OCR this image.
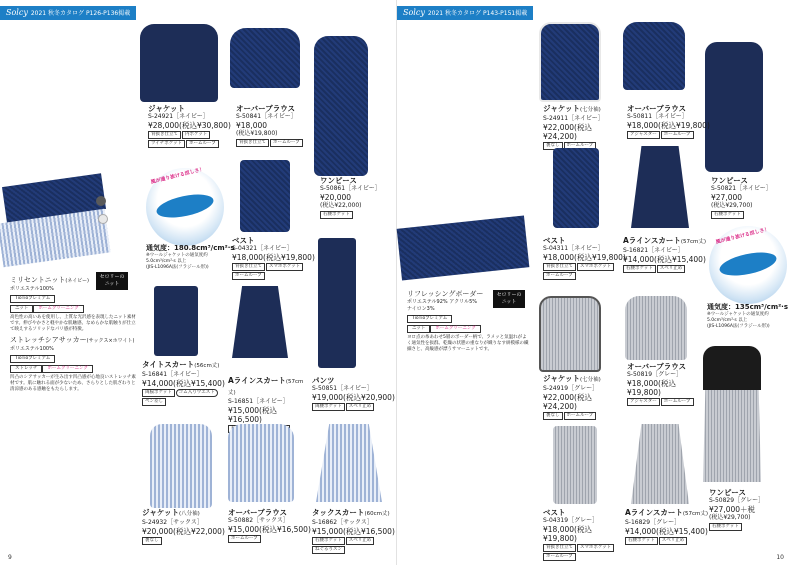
Solcy 2021 秋冬カタログ P126-P136掲載
ジャケット
S-24921［ネイビー］
¥28,000(税込¥30,800)
背抜き仕立て	内ポケット
ツイチポケット	ホームループ
オーバーブラウス
S-50841［ネイビー］
¥18,000
(税込¥19,800)
背抜き仕立て	ホームループ
ワンピース
S-50861［ネイビー］
¥20,000
(税込¥22,000)
右腰ポケット
風が通り抜ける涼しさ！
通気度：180.8cm³/cm²·s
※ウールジャケットの通気度約
5.0cm³/cm²·s 以上
(JIS-L1096A法(フラジール形))
ベスト
S-04321［ネイビー］
¥18,000(税込¥19,800)
背抜き仕立て	スマホポケット
ホームループ
タイトスカート(56cm丈)
S-16841［ネイビー］
¥14,000(税込¥15,400)
両脇ポケット	ゴム入りウエスト
ペン差し
Aラインスカート(57cm丈)
S-16851［ネイビー］
¥15,000(税込¥16,500)
パンツ
S-50851［ネイビー］
¥19,000(税込¥20,900)
両腰ポケット	スベリ止め
ジャケット(八分袖)
S-24932［サックス］
¥20,000(税込¥22,000)
裏なし
オーバーブラウス
S-50882［サックス］
¥15,000(税込¥16,500)
ホームループ
タックスカート(60cm丈)
S-16862［サックス］
¥15,000(税込¥16,500)
右腰ポケット	スベリ止め
ねぐるりスン
ミリセントニット(ネイビー)
ポリエステル100%
TioTioプレミアム
ニット	ホームクリーニング
高色性の高いあを使用し、上質な光沢感を表現したニット素材です。伸びやかさと軽やかな肌触感、なめらかな肌触りが仕立て映えするソリッドなパリ感が特徴。
ストレッチシアサッカー(サックス×ホワイト)
ポリエステル100%
TioTioプレミアム
ストレッチ	ホームクリーニング
凹凸のシアサッカーが生み出す凹凸感が心地良いストレッチ素材です。肌に触れる面が少ないため、さらりとした肌ざわりと清涼感のある感触をもたらします。
セロリーの ニット
9
Solcy 2021 秋冬カタログ P143-P151掲載
リフレッシングボーダー
ポリエステル92% アクリル5%
ナイロン3%
TioTioプレミアム
ニット	ホームクリーニング
ヨロ点の糸あわせ5層のボーダー柄で、ラメッと気温れがよく通気性を抜群。乾燥の状態の重なりが織りなす絣模様の繊細さと、高級感が漂うサマーニットです。
セロリーの ニット
ジャケット(七分袖)
S-24911［ネイビー］
¥22,000(税込¥24,200)
裏なし	ホームループ
オーバーブラウス
S-50811［ネイビー］
¥18,000(税込¥19,800)
アジャスター	ホームループ
ワンピース
S-50821［ネイビー］
¥27,000
(税込¥29,700)
右腰ポケット
ベスト
S-04311［ネイビー］
¥18,000(税込¥19,800)
背抜き仕立て	スマホポケット
ホームループ
Aラインスカート(57cm丈)
S-16821［ネイビー］
¥14,000(税込¥15,400)
右腰ポケット	スベリ止め
風が通り抜ける涼しさ！
通気度：135cm³/cm²·s
※ウールジャケットの通気度約
5.0cm³/cm²·s 以上
(JIS-L1096A法(フラジール形))
ジャケット(七分袖)
S-24919［グレー］
¥22,000(税込¥24,200)
裏なし	ホームループ
オーバーブラウス
S-50819［グレー］
¥18,000(税込¥19,800)
アジャスター	ホームループ
ベスト
S-04319［グレー］
¥18,000(税込¥19,800)
背抜き仕立て	スマホポケット
ホームループ
Aラインスカート(57cm丈)
S-16829［グレー］
¥14,000(税込¥15,400)
右腰ポケット	スベリ止め
ワンピース
S-50829［グレー］
¥27,000＋税
(税込¥29,700)
右腰ポケット
10
